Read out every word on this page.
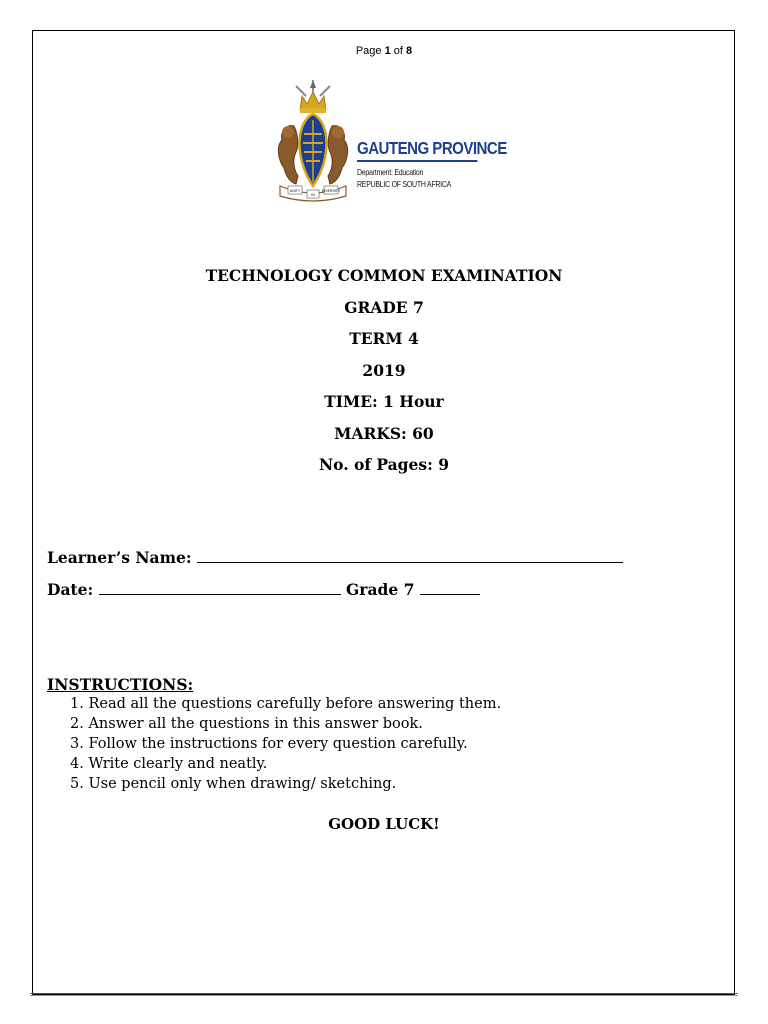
Page 1 of 8
UNITY
IN
DIVERSITY
GAUTENG PROVINCE
Department: Education
REPUBLIC OF SOUTH AFRICA
TECHNOLOGY COMMON EXAMINATION
GRADE 7
TERM 4
2019
TIME: 1 Hour
MARKS: 60
No. of Pages: 9
Learner’s Name:
Date:	Grade 7
INSTRUCTIONS:
1. Read all the questions carefully before answering them.
2. Answer all the questions in this answer book.
3. Follow the instructions for every question carefully.
4. Write clearly and neatly.
5. Use pencil only when drawing/ sketching.
GOOD LUCK!
